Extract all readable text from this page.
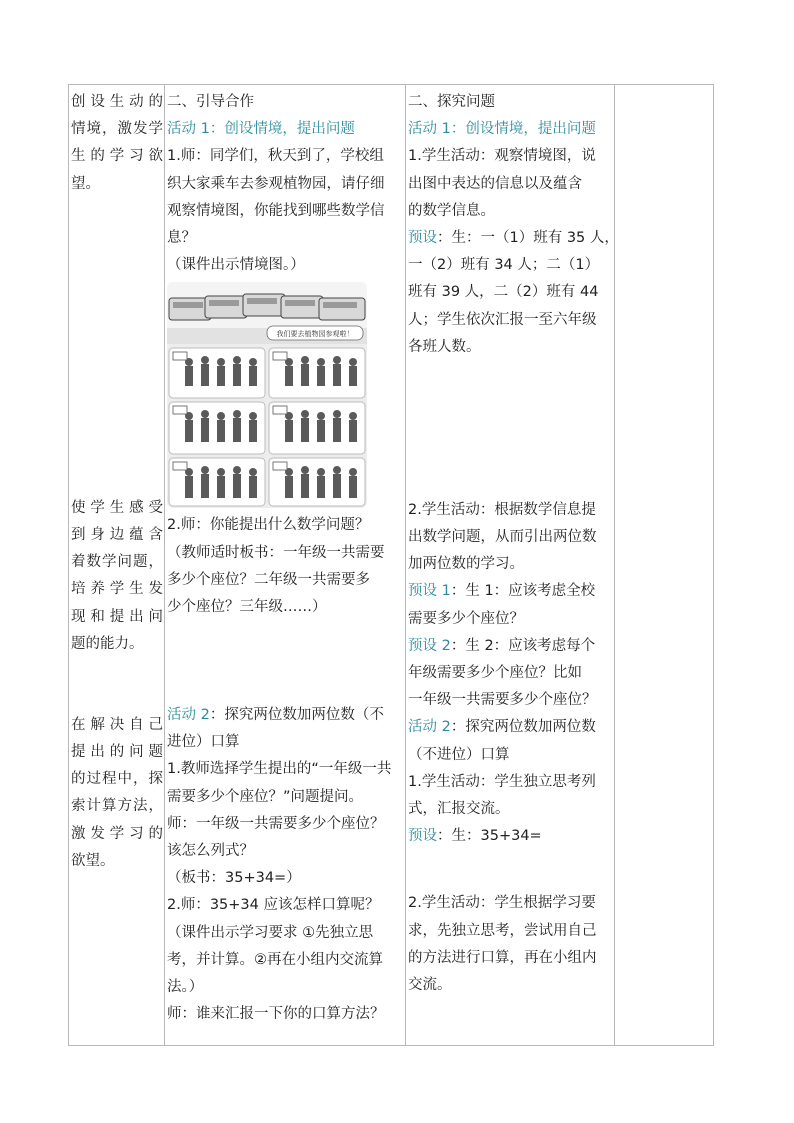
创设生动的
情境，激发学
生的学习欲
望。
使学生感受
到身边蕴含
着数学问题，
培养学生发
现和提出问
题的能力。
在解决自己
提出的问题
的过程中，探
索计算方法，
激发学习的
欲望。
二、引导合作
活动 1：创设情境，提出问题
1.师：同学们，秋天到了，学校组
织大家乘车去参观植物园，请仔细
观察情境图，你能找到哪些数学信
息？
（课件出示情境图。）
我们要去植物园参观啦！
2.师：你能提出什么数学问题？
（教师适时板书：一年级一共需要
多少个座位？二年级一共需要多
少个座位？三年级……）
活动 2：探究两位数加两位数（不
进位）口算
1.教师选择学生提出的“一年级一共
需要多少个座位？”问题提问。
师：一年级一共需要多少个座位？
该怎么列式？
（板书：35+34=）
2.师：35+34 应该怎样口算呢？
（课件出示学习要求 ①先独立思
考，并计算。②再在小组内交流算
法。）
师：谁来汇报一下你的口算方法？
二、探究问题
活动 1：创设情境，提出问题
1.学生活动：观察情境图，说
出图中表达的信息以及蕴含
的数学信息。
预设：生：一（1）班有 35 人，
一（2）班有 34 人；二（1）
班有 39 人，二（2）班有 44
人；学生依次汇报一至六年级
各班人数。
2.学生活动：根据数学信息提
出数学问题，从而引出两位数
加两位数的学习。
预设 1：生 1：应该考虑全校
需要多少个座位？
预设 2：生 2：应该考虑每个
年级需要多少个座位？比如
一年级一共需要多少个座位？
活动 2：探究两位数加两位数
（不进位）口算
1.学生活动：学生独立思考列
式，汇报交流。
预设：生：35+34=
2.学生活动：学生根据学习要
求，先独立思考，尝试用自己
的方法进行口算，再在小组内
交流。
